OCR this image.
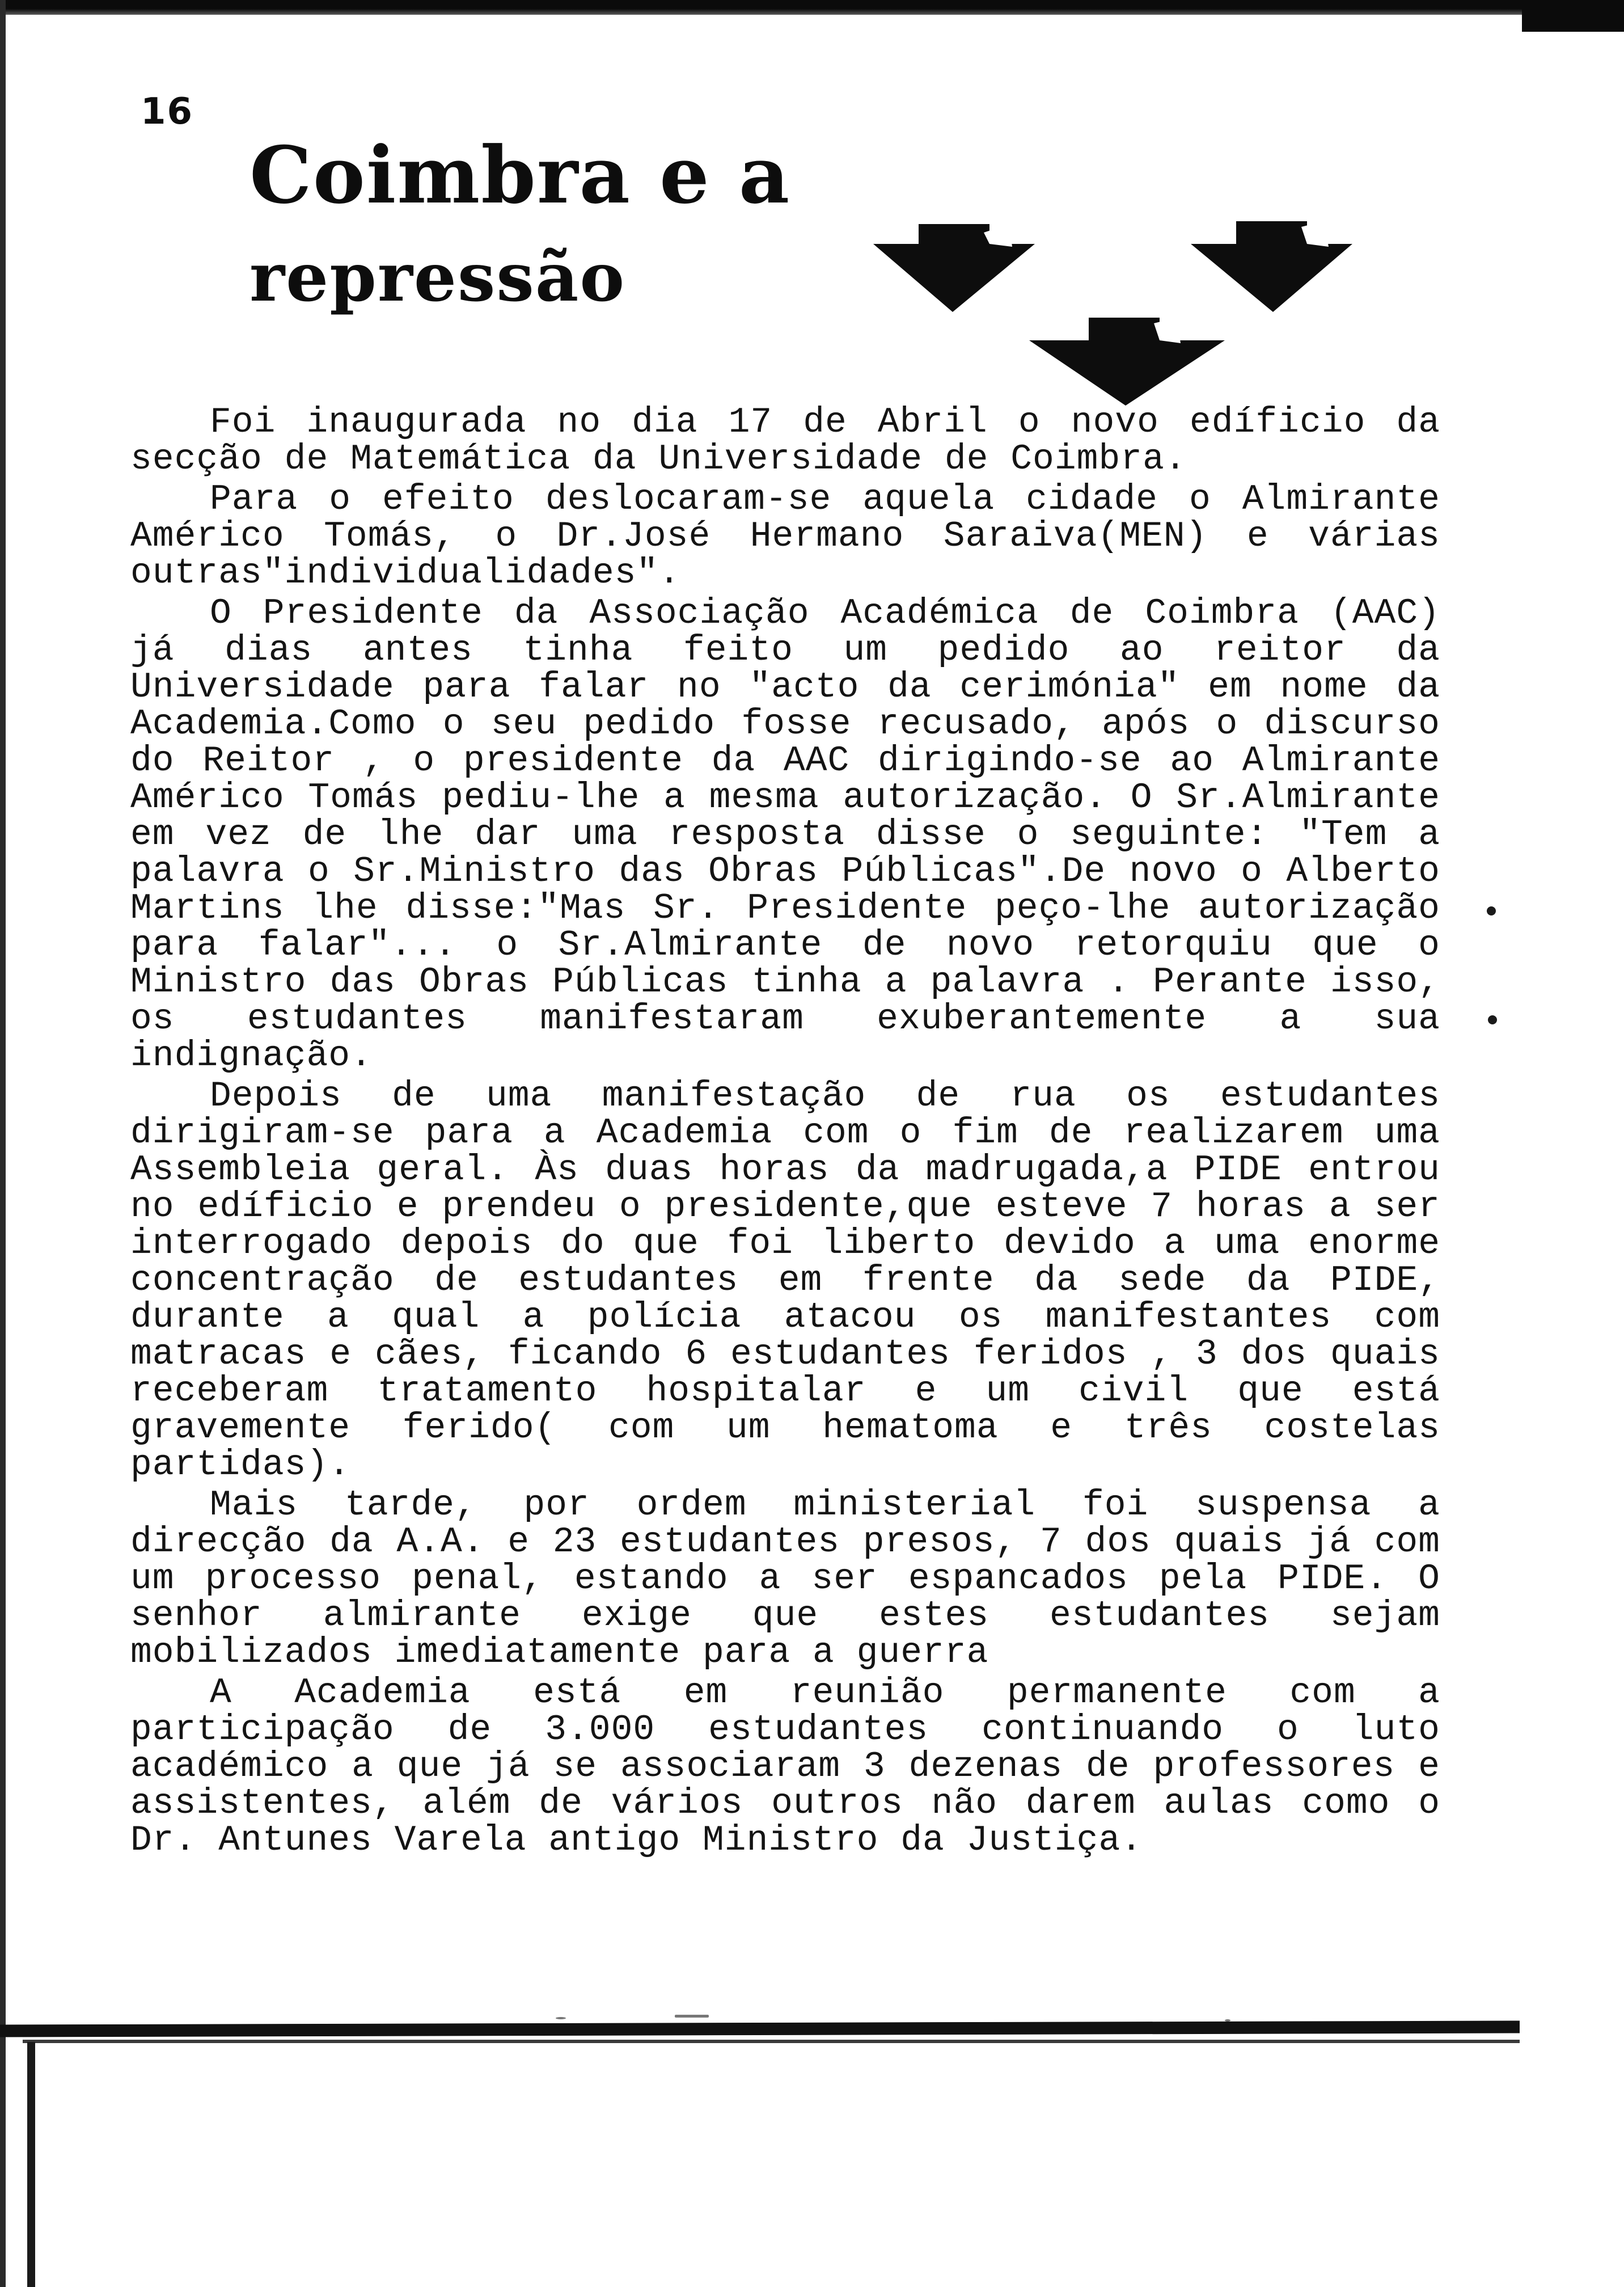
16
Coimbra e a
repressão

Foi inaugurada no dia 17 de Abril o novo edíficio da secção de Matemática da Universidade de Coimbra.

Para o efeito deslocaram-se aquela cidade o Almirante Américo Tomás, o Dr.José Hermano Saraiva(MEN) e várias outras"individualidades".

O Presidente da Associação Académica de Coimbra (AAC) já dias antes tinha feito um pedido ao reitor da Universidade para falar no "acto da cerimónia" em nome da Academia.Como o seu pedido fosse recusado, após o discurso do Reitor , o presidente da AAC dirigindo-se ao Almirante Américo Tomás pediu-lhe a mesma autorização. O Sr.Almirante em vez de lhe dar uma resposta disse o seguinte: "Tem a palavra o Sr.Ministro das Obras Públicas".De novo o Alberto Martins lhe disse:"Mas Sr. Presidente peço-lhe autorização para falar"... o Sr.Almirante de novo retorquiu que o Ministro das Obras Públicas tinha a palavra . Perante isso, os estudantes manifestaram exuberantemente a sua indignação.

Depois de uma manifestação de rua os estudantes dirigiram-se para a Academia com o fim de realizarem uma Assembleia geral. Às duas horas da madrugada,a PIDE entrou no edíficio e prendeu o presidente,que esteve 7 horas a ser interrogado depois do que foi liberto devido a uma enorme concentração de estudantes em frente da sede da PIDE, durante a qual a polícia atacou os manifestantes com matracas e cães, ficando 6 estudantes feridos , 3 dos quais receberam tratamento hospitalar e um civil que está gravemente ferido( com um hematoma e três costelas partidas).

Mais tarde, por ordem ministerial foi suspensa a direcção da A.A. e 23 estudantes presos, 7 dos quais já com um processo penal, estando a ser espancados pela PIDE. O senhor almirante exige que estes estudantes sejam mobilizados imediatamente para a guerra

A Academia está em reunião permanente com a participação de 3.000 estudantes continuando o luto académico a que já se associaram 3 dezenas de professores e assistentes, além de vários outros não darem aulas como o Dr. Antunes Varela antigo Ministro da Justiça.
